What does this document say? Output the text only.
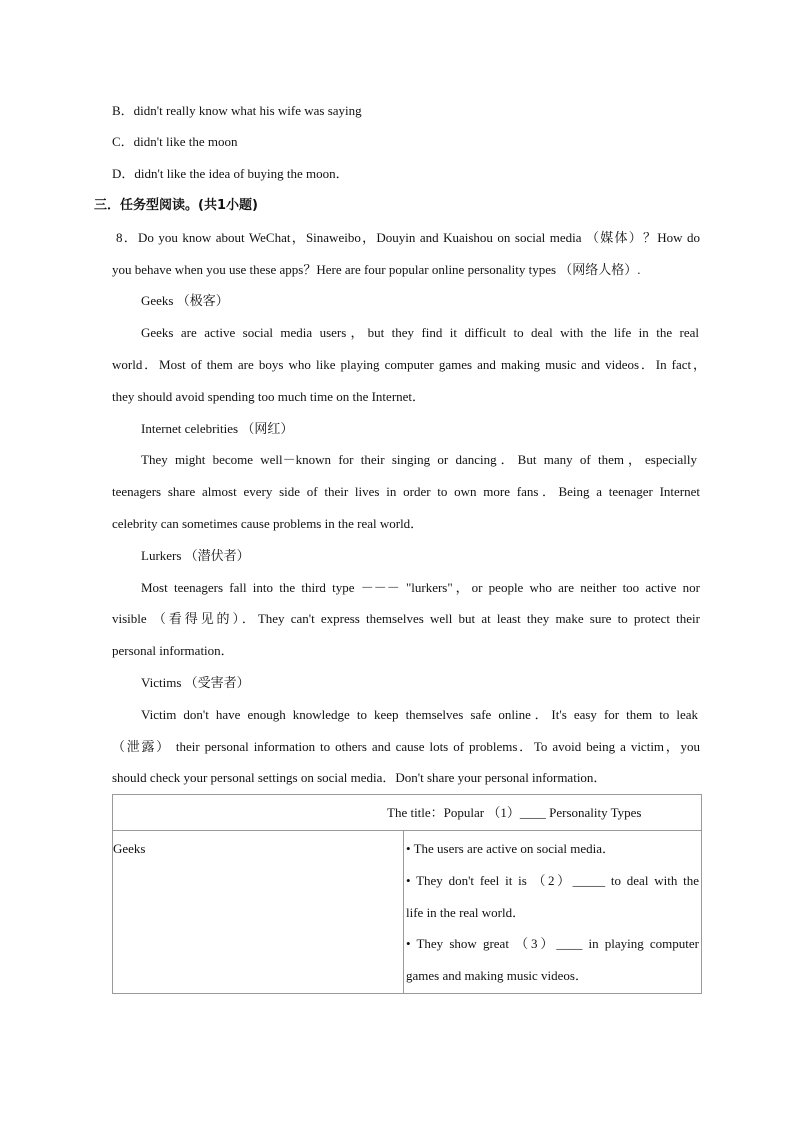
B．didn't really know what his wife was saying
C．didn't like the moon
D．didn't like the idea of buying the moon．
三．任务型阅读。(共1小题)
8．Do you know about WeChat，Sinaweibo，Douyin and Kuaishou on social media （媒体）？How do
you behave when you use these apps？Here are four popular online personality types （网络人格）.
Geeks （极客）
Geeks are active social media users，but they find it difficult to deal with the life in the real
world．Most of them are boys who like playing computer games and making music and videos．In fact，
they should avoid spending too much time on the Internet．
Internet celebrities （网红）
They might become well－known for their singing or dancing．But many of them，especially
teenagers share almost every side of their lives in order to own more fans．Being a teenager Internet
celebrity can sometimes cause problems in the real world．
Lurkers （潜伏者）
Most teenagers fall into the third type －－－ "lurkers"，or people who are neither too active nor
visible （看得见的）．They can't express themselves well but at least they make sure to protect their
personal information．
Victims （受害者）
Victim don't have enough knowledge to keep themselves safe online．It's easy for them to leak
（泄露） their personal information to others and cause lots of problems．To avoid being a victim，you
should check your personal settings on social media．Don't share your personal information．
The title：Popular （1）____ Personality Types

Geeks	• The users are active on social media．
• They don't feel it is （2）_____ to deal with the
life in the real world．
• They show great （3）____ in playing computer
games and making music videos．
